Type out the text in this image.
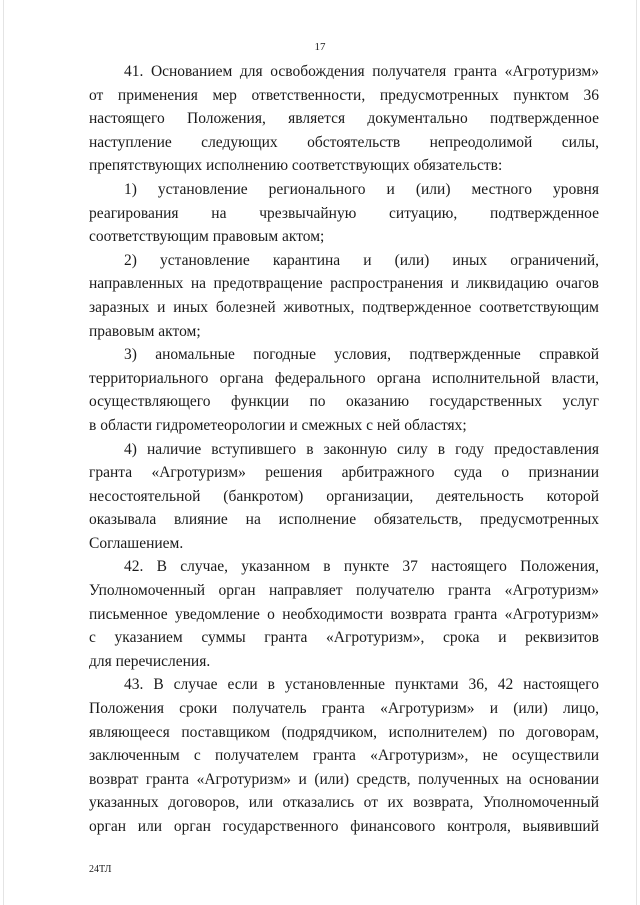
17
41. Основанием для освобождения получателя гранта «Агротуризм»
от применения мер ответственности, предусмотренных пунктом 36
настоящего Положения, является документально подтвержденное
наступление следующих обстоятельств непреодолимой силы,
препятствующих исполнению соответствующих обязательств:
1) установление регионального и (или) местного уровня
реагирования на чрезвычайную ситуацию, подтвержденное
соответствующим правовым актом;
2) установление карантина и (или) иных ограничений,
направленных на предотвращение распространения и ликвидацию очагов
заразных и иных болезней животных, подтвержденное соответствующим
правовым актом;
3) аномальные погодные условия, подтвержденные справкой
территориального органа федерального органа исполнительной власти,
осуществляющего функции по оказанию государственных услуг
в области гидрометеорологии и смежных с ней областях;
4) наличие вступившего в законную силу в году предоставления
гранта «Агротуризм» решения арбитражного суда о признании
несостоятельной (банкротом) организации, деятельность которой
оказывала влияние на исполнение обязательств, предусмотренных
Соглашением.
42. В случае, указанном в пункте 37 настоящего Положения,
Уполномоченный орган направляет получателю гранта «Агротуризм»
письменное уведомление о необходимости возврата гранта «Агротуризм»
с указанием суммы гранта «Агротуризм», срока и реквизитов
для перечисления.
43. В случае если в установленные пунктами 36, 42 настоящего
Положения сроки получатель гранта «Агротуризм» и (или) лицо,
являющееся поставщиком (подрядчиком, исполнителем) по договорам,
заключенным с получателем гранта «Агротуризм», не осуществили
возврат гранта «Агротуризм» и (или) средств, полученных на основании
указанных договоров, или отказались от их возврата, Уполномоченный
орган или орган государственного финансового контроля, выявивший
24ТЛ
